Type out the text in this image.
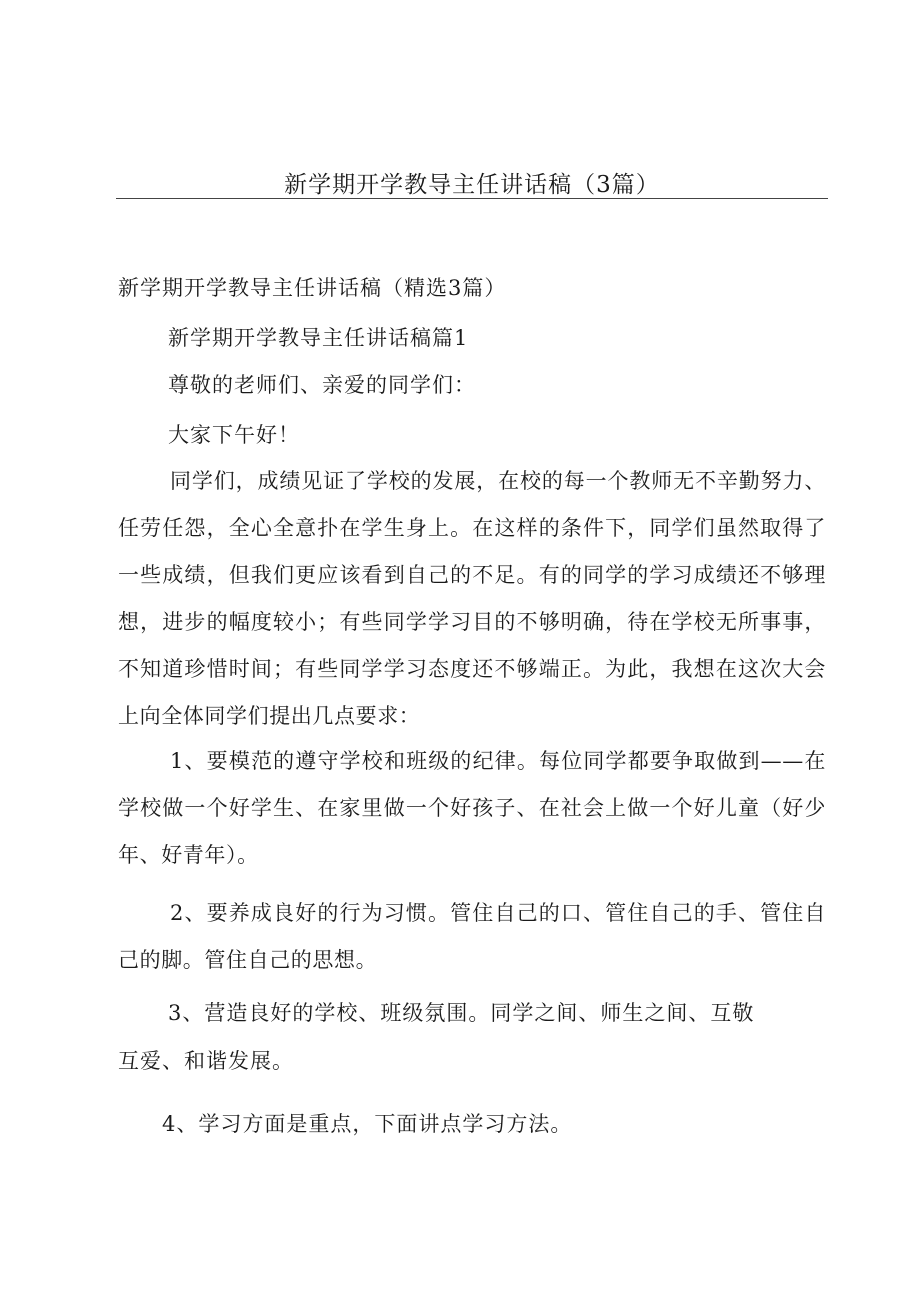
新学期开学教导主任讲话稿（3篇）
新学期开学教导主任讲话稿（精选3篇）
新学期开学教导主任讲话稿篇1
尊敬的老师们、亲爱的同学们：
大家下午好！
同学们，成绩见证了学校的发展，在校的每一个教师无不辛勤努力、任劳任怨，全心全意扑在学生身上。在这样的条件下，同学们虽然取得了一些成绩，但我们更应该看到自己的不足。有的同学的学习成绩还不够理想，进步的幅度较小；有些同学学习目的不够明确，待在学校无所事事，不知道珍惜时间；有些同学学习态度还不够端正。为此，我想在这次大会上向全体同学们提出几点要求：
1、要模范的遵守学校和班级的纪律。每位同学都要争取做到——在学校做一个好学生、在家里做一个好孩子、在社会上做一个好儿童（好少年、好青年）。
2、要养成良好的行为习惯。管住自己的口、管住自己的手、管住自己的脚。管住自己的思想。
3、营造良好的学校、班级氛围。同学之间、师生之间、互敬
互爱、和谐发展。
4、学习方面是重点，下面讲点学习方法。
